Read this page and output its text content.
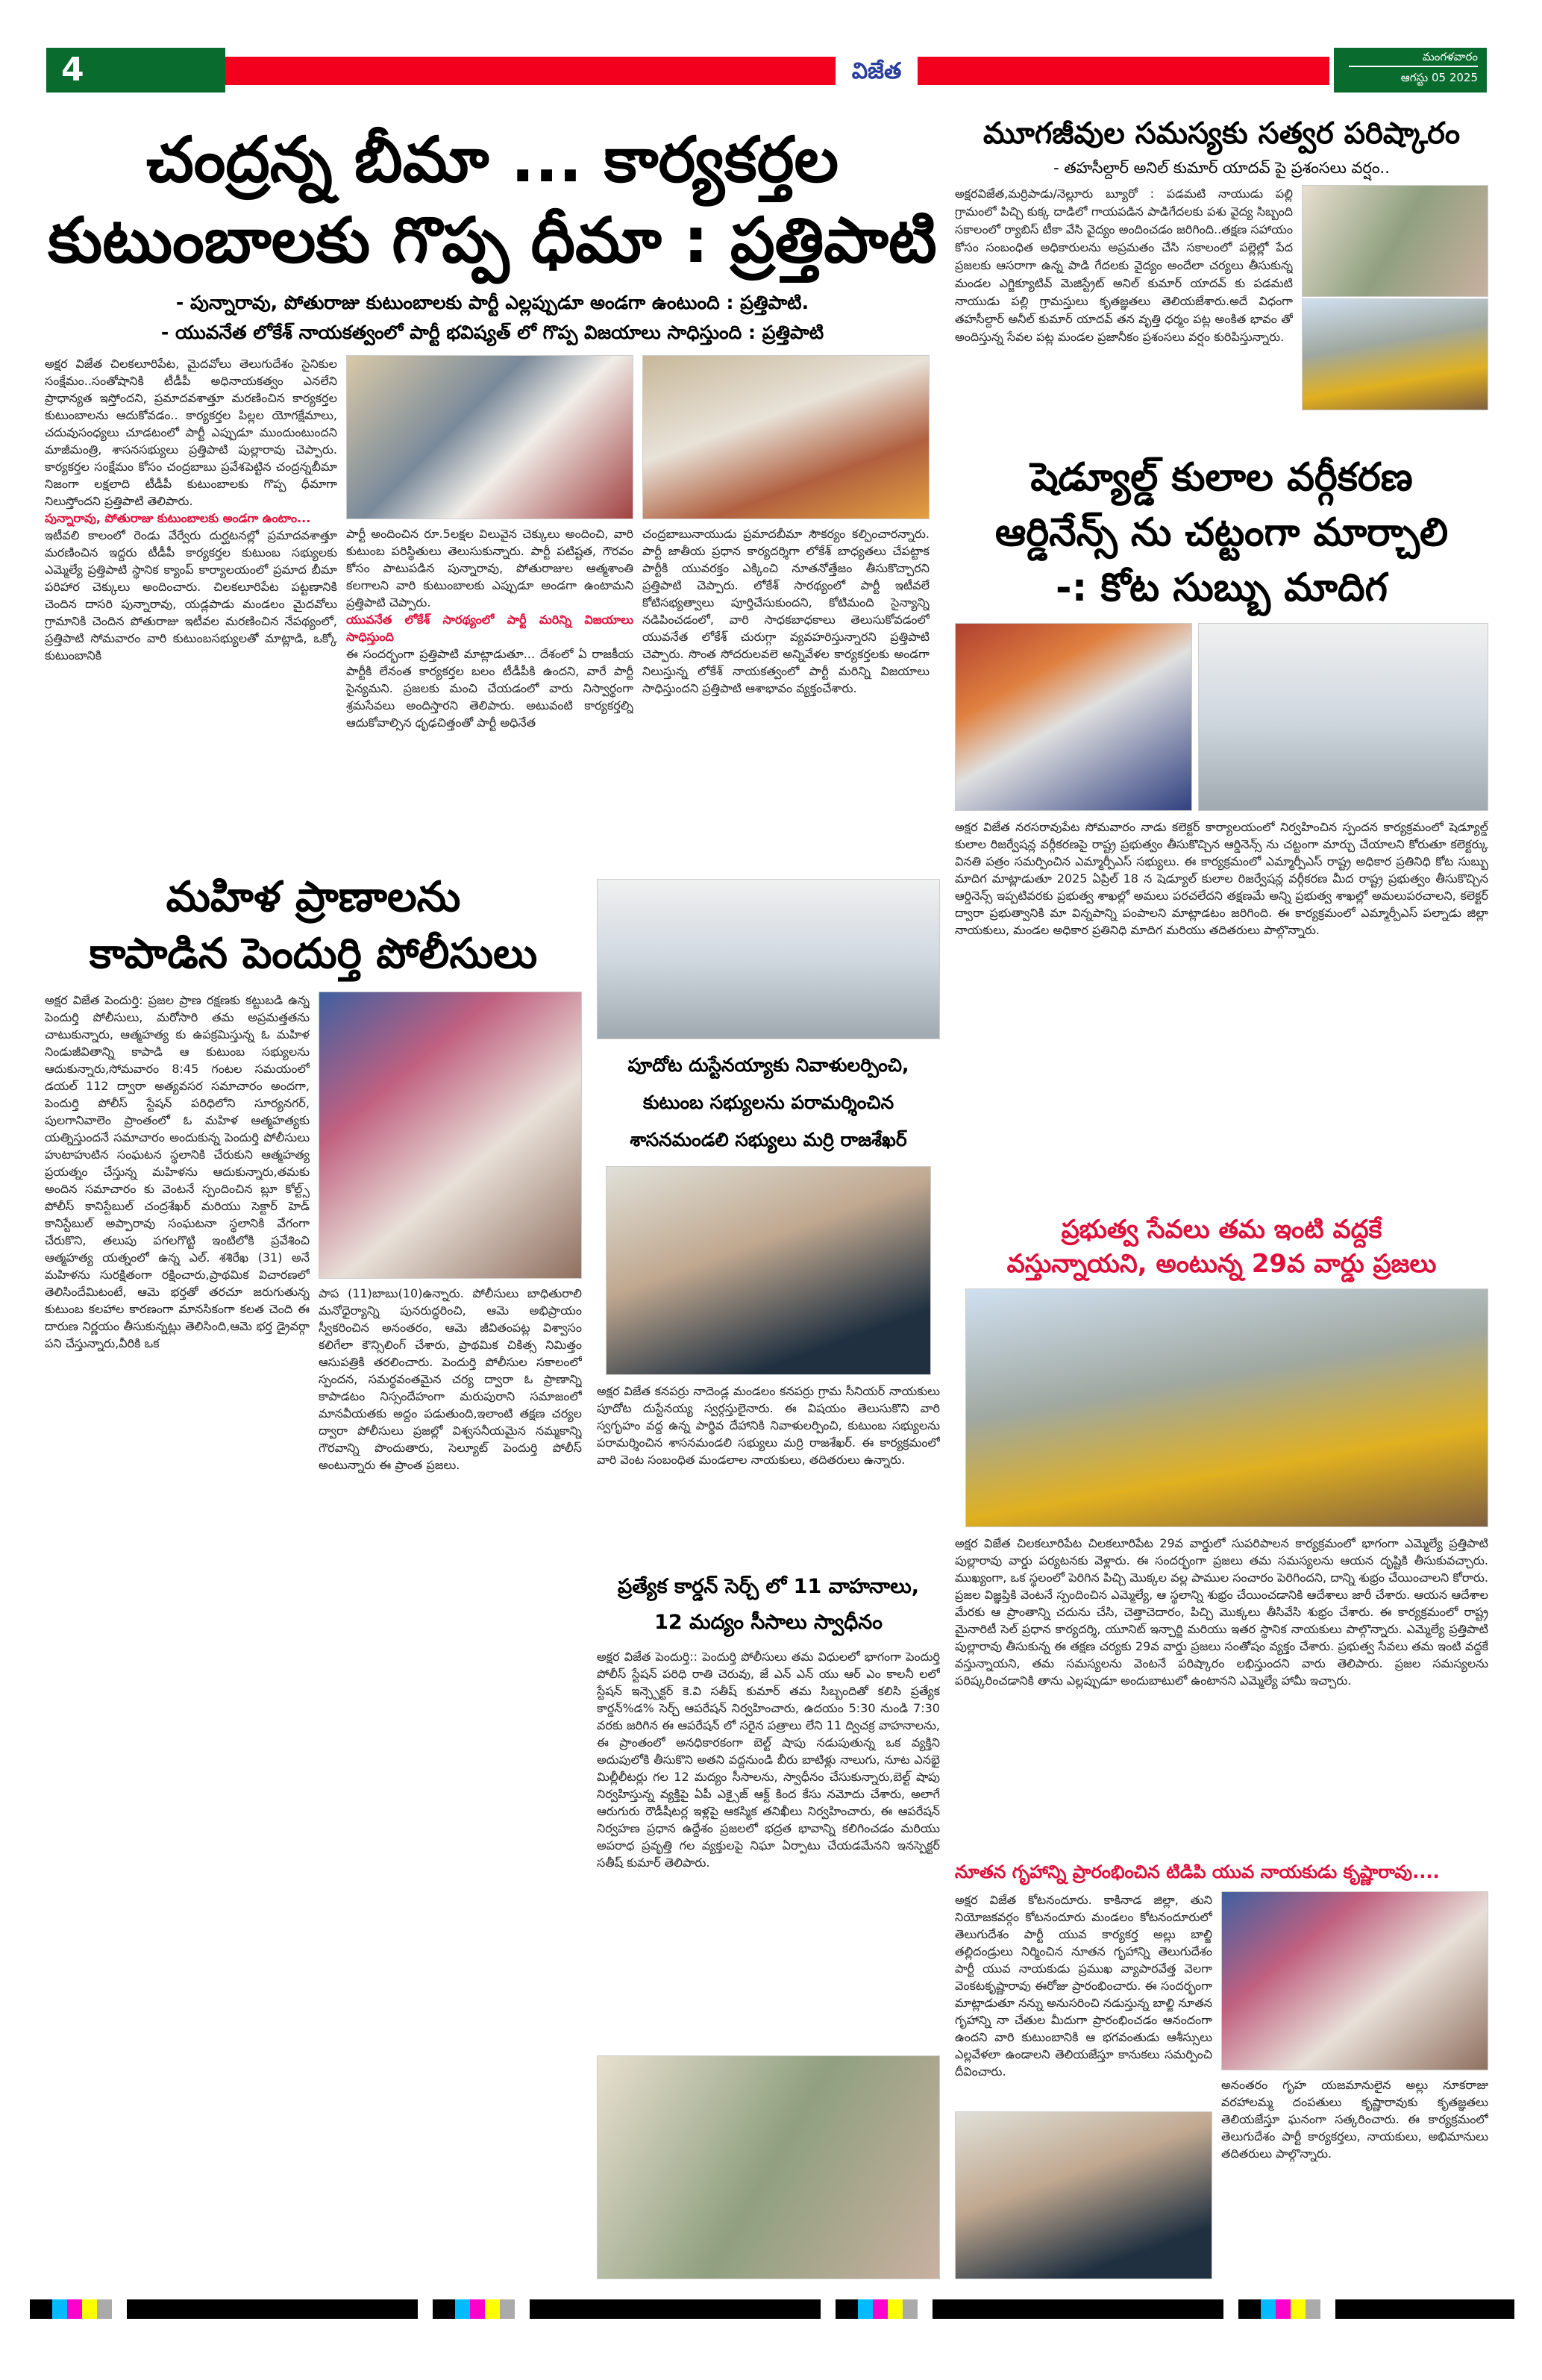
4	విజేత
మంగళవారం
ఆగస్టు 05 2025
చంద్రన్న బీమా ... కార్యకర్తల
కుటుంబాలకు గొప్ప ధీమా : ప్రత్తిపాటి
- పున్నారావు, పోతురాజు కుటుంబాలకు పార్టీ ఎల్లప్పుడూ అండగా ఉంటుంది : ప్రత్తిపాటి.
- యువనేత లోకేశ్ నాయకత్వంలో పార్టీ భవిష్యత్ లో గొప్ప విజయాలు సాధిస్తుంది : ప్రత్తిపాటి
అక్షర విజేత చిలకలూరిపేట, మైదవోలు తెలుగుదేశం సైనికుల సంక్షేమం..సంతోషానికి టీడీపీ అధినాయకత్వం ఎనలేని ప్రాధాన్యత ఇస్తోందని, ప్రమాదవశాత్తూ మరణించిన కార్యకర్తల కుటుంబాలను ఆదుకోవడం.. కార్యకర్తల పిల్లల యోగక్షేమాలు, చదువుసంధ్యలు చూడటంలో పార్టీ ఎప్పుడూ ముందుంటుందని మాజీమంత్రి, శాసనసభ్యులు ప్రత్తిపాటి పుల్లారావు చెప్పారు. కార్యకర్తల సంక్షేమం కోసం చంద్రబాబు ప్రవేశపెట్టిన చంద్రన్నబీమా నిజంగా లక్షలాది టీడీపీ కుటుంబాలకు గొప్ప ధీమాగా నిలుస్తోందని ప్రత్తిపాటి తెలిపారు.
పున్నారావు, పోతురాజు కుటుంబాలకు అండగా ఉంటాం...
ఇటీవలి కాలంలో రెండు వేర్వేరు దుర్ఘటనల్లో ప్రమాదవశాత్తూ మరణించిన ఇద్దరు టీడీపీ కార్యకర్తల కుటుంబ సభ్యులకు ఎమ్మెల్యే ప్రత్తిపాటి స్థానిక క్యాంప్ కార్యాలయంలో ప్రమాద బీమా పరిహార చెక్కులు అందించారు. చిలకలూరిపేట పట్టణానికి చెందిన దాసరి పున్నారావు, యడ్లపాడు మండలం మైదవోలు గ్రామానికి చెందిన పోతురాజు ఇటీవల మరణించిన నేపథ్యంలో, ప్రత్తిపాటి సోమవారం వారి కుటుంబసభ్యులతో మాట్లాడి, ఒక్కో కుటుంబానికి
పార్టీ అందించిన రూ.5లక్షల విలువైన చెక్కులు అందించి, వారి కుటుంబ పరిస్థితులు తెలుసుకున్నారు. పార్టీ పటిష్టత, గౌరవం కోసం పాటుపడిన పున్నారావు, పోతురాజుల ఆత్మశాంతి కలగాలని వారి కుటుంబాలకు ఎప్పుడూ అండగా ఉంటామని ప్రత్తిపాటి చెప్పారు.
యువనేత లోకేశ్ సారథ్యంలో పార్టీ మరిన్ని విజయాలు సాధిస్తుంది
ఈ సందర్భంగా ప్రత్తిపాటి మాట్లాడుతూ... దేశంలో ఏ రాజకీయ పార్టీకి లేనంత కార్యకర్తల బలం టీడీపీకి ఉందని, వారే పార్టీ సైన్యమని. ప్రజలకు మంచి చేయడంలో వారు నిస్వార్థంగా శ్రమసేవలు అందిస్తారని తెలిపారు. అటువంటి కార్యకర్తల్ని ఆదుకోవాల్సిన ధృఢచిత్తంతో పార్టీ అధినేత
చంద్రబాబునాయుడు ప్రమాదబీమా సౌకర్యం కల్పించారన్నారు. పార్టీ జాతీయ ప్రధాన కార్యదర్శిగా లోకేశ్ బాధ్యతలు చేపట్టాక పార్టీకి యువరక్తం ఎక్కించి నూతనోత్తేజం తీసుకొచ్చారని ప్రత్తిపాటి చెప్పారు. లోకేశ్ సారథ్యంలో పార్టీ ఇటీవలే కోటిసభ్యత్వాలు పూర్తిచేసుకుందని, కోటిమంది సైన్యాన్ని నడిపించడంలో, వారి సాధకబాధకాలు తెలుసుకోవడంలో యువనేత లోకేశ్ చురుగ్గా వ్యవహరిస్తున్నారని ప్రత్తిపాటి చెప్పారు. సొంత సోదరులవలె అన్నివేళల కార్యకర్తలకు అండగా నిలుస్తున్న లోకేశ్ నాయకత్వంలో పార్టీ మరిన్ని విజయాలు సాధిస్తుందని ప్రత్తిపాటి ఆశాభావం వ్యక్తంచేశారు.
మూగజీవుల సమస్యకు సత్వర పరిష్కారం
- తహసీల్దార్ అనిల్ కుమార్ యాదవ్ పై ప్రశంసలు వర్షం..
అక్షరవిజేత,మర్రిపాడు/నెల్లూరు బ్యూరో : పడమటి నాయుడు పల్లి గ్రామంలో పిచ్చి కుక్క దాడిలో గాయపడిన పాడిగేదలకు పశు వైద్య సిబ్బంది సకాలంలో ర్యాబిస్ టీకా వేసి వైద్యం అందించడం జరిగింది..తక్షణ సహాయం కోసం సంబంధిత అధికారులను అప్రమతం చేసి సకాలంలో పల్లెల్లో పేద ప్రజలకు ఆసరాగా ఉన్న పాడి గేదలకు వైద్యం అందేలా చర్యలు తీసుకున్న మండల ఎగ్జిక్యూటివ్ మెజిస్ట్రేట్ అనిల్ కుమార్ యాదవ్ కు పడమటి నాయుడు పల్లి గ్రామస్తులు కృతజ్ఞతలు తెలియజేశారు.అదే విధంగా తహసీల్దార్ అనీల్ కుమార్ యాదవ్ తన వృత్తి ధర్మం పట్ల అంకిత భావం తో అందిస్తున్న సేవల పట్ల మండల ప్రజానీకం ప్రశంసలు వర్షం కురిపిస్తున్నారు.
షెడ్యూల్డ్ కులాల వర్గీకరణ
ఆర్డినేన్స్ ను చట్టంగా మార్చాలి
-: కోట సుబ్బు మాదిగ
అక్షర విజేత నరసరావుపేట సోమవారం నాడు కలెక్టర్ కార్యాలయంలో నిర్వహించిన స్పందన కార్యక్రమంలో షెడ్యూల్డ్ కులాల రిజర్వేషన్ల వర్గీకరణపై రాష్ట్ర ప్రభుత్వం తీసుకొచ్చిన ఆర్డినెన్స్ ను చట్టంగా మార్చు చేయాలని కోరుతూ కలెక్టర్కు వినతి పత్రం సమర్పించిన ఎమ్మార్పీఎస్ సభ్యులు. ఈ కార్యక్రమంలో ఎమ్మార్పీఎస్ రాష్ట్ర అధికార ప్రతినిధి కోట సుబ్బు మాదిగ మాట్లాడుతూ 2025 ఏప్రిల్ 18 న షెడ్యూల్ కులాల రిజర్వేషన్ల వర్గీకరణ మీద రాష్ట్ర ప్రభుత్వం తీసుకొచ్చిన ఆర్డినెన్స్ ఇప్పటివరకు ప్రభుత్వ శాఖల్లో అమలు పరచలేదని తక్షణమే అన్ని ప్రభుత్వ శాఖల్లో అమలుపరచాలని, కలెక్టర్ ద్వారా ప్రభుత్వానికి మా విన్నపాన్ని పంపాలని మాట్లాడటం జరిగింది. ఈ కార్యక్రమంలో ఎమ్మార్పీఎస్ పల్నాడు జిల్లా నాయకులు, మండల అధికార ప్రతినిధి మాదిగ మరియు తదితరులు పాల్గొన్నారు.
ప్రభుత్వ సేవలు తమ ఇంటి వద్దకే
వస్తున్నాయని, అంటున్న 29వ వార్డు ప్రజలు
అక్షర విజేత చిలకలూరిపేట చిలకలూరిపేట 29వ వార్డులో సుపరిపాలన కార్యక్రమంలో భాగంగా ఎమ్మెల్యే ప్రత్తిపాటి పుల్లారావు వార్డు పర్యటనకు వెళ్లారు. ఈ సందర్భంగా ప్రజలు తమ సమస్యలను ఆయన దృష్టికి తీసుకువచ్చారు. ముఖ్యంగా, ఒక స్థలంలో పెరిగిన పిచ్చి మొక్కల వల్ల పాముల సంచారం పెరిగిందని, దాన్ని శుభ్రం చేయించాలని కోరారు. ప్రజల విజ్ఞప్తికి వెంటనే స్పందించిన ఎమ్మెల్యే, ఆ స్థలాన్ని శుభ్రం చేయించడానికి ఆదేశాలు జారీ చేశారు. ఆయన ఆదేశాల మేరకు ఆ ప్రాంతాన్ని చదును చేసి, చెత్తాచెదారం, పిచ్చి మొక్కలు తీసివేసి శుభ్రం చేశారు. ఈ కార్యక్రమంలో రాష్ట్ర మైనారిటీ సెల్ ప్రధాన కార్యదర్శి, యూనిట్ ఇన్చార్జి మరియు ఇతర స్థానిక నాయకులు పాల్గొన్నారు. ఎమ్మెల్యే ప్రత్తిపాటి పుల్లారావు తీసుకున్న ఈ తక్షణ చర్యకు 29వ వార్డు ప్రజలు సంతోషం వ్యక్తం చేశారు. ప్రభుత్వ సేవలు తమ ఇంటి వద్దకే వస్తున్నాయని, తమ సమస్యలను వెంటనే పరిష్కారం లభిస్తుందని వారు తెలిపారు. ప్రజల సమస్యలను పరిష్కరించడానికి తాను ఎల్లప్పుడూ అందుబాటులో ఉంటానని ఎమ్మెల్యే హామీ ఇచ్చారు.
నూతన గృహాన్ని ప్రారంభించిన టిడిపి యువ నాయకుడు కృష్ణారావు....
అక్షర విజేత కోటనందూరు. కాకినాడ జిల్లా, తుని నియోజకవర్గం కోటనందూరు మండలం కోటనందూరులో తెలుగుదేశం పార్టీ యువ కార్యకర్త అల్లు బాల్జి తల్లిదండ్రులు నిర్మించిన నూతన గృహాన్ని తెలుగుదేశం పార్టీ యువ నాయకుడు ప్రముఖ వ్యాపారవేత్త వెలగా వెంకటకృష్ణారావు ఈరోజు ప్రారంభించారు. ఈ సందర్భంగా మాట్లాడుతూ నన్ను అనుసరించి నడుస్తున్న బాల్జి నూతన గృహాన్ని నా చేతుల మీదుగా ప్రారంభించడం ఆనందంగా ఉందని వారి కుటుంబానికి ఆ భగవంతుడు ఆశీస్సులు ఎల్లవేళలా ఉండాలని తెలియజేస్తూ కానుకలు సమర్పించి దీవించారు.
అనంతరం గృహ యజమానులైన అల్లు నూకరాజు వరహాలమ్మ దంపతులు కృష్ణారావుకు కృతజ్ఞతలు తెలియజేస్తూ ఘనంగా సత్కరించారు. ఈ కార్యక్రమంలో తెలుగుదేశం పార్టీ కార్యకర్తలు, నాయకులు, అభిమానులు తదితరులు పాల్గొన్నారు.
మహిళ ప్రాణాలను
కాపాడిన పెందుర్తి పోలీసులు
అక్షర విజేత పెందుర్తి: ప్రజల ప్రాణ రక్షణకు కట్టుబడి ఉన్న పెందుర్తి పోలీసులు, మరోసారి తమ అప్రమత్తతను చాటుకున్నారు, ఆత్మహత్య కు ఉపక్రమిస్తున్న ఓ మహిళ నిండుజీవితాన్ని కాపాడి ఆ కుటుంబ సభ్యులను ఆదుకున్నారు,సోమవారం 8:45 గంటల సమయంలో డయల్ 112 ద్వారా అత్యవసర సమాచారం అందగా, పెందుర్తి పోలీస్ స్టేషన్ పరిధిలోని సూర్యనగర్, పులగానివాలెం ప్రాంతంలో ఓ మహిళ ఆత్మహత్యకు యత్నిస్తుందనే సమాచారం అందుకున్న పెందుర్తి పోలీసులు హుటాహుటిన సంఘటన స్థలానికి చేరుకుని ఆత్మహత్య ప్రయత్నం చేస్తున్న మహిళను ఆదుకున్నారు,తమకు అందిన సమాచారం కు వెంటనే స్పందించిన బ్లూ కోల్ట్స్ పోలీస్ కానిస్టేబుల్ చంద్రశేఖర్ మరియు సెక్టార్ హెడ్ కానిస్టేబుల్ అప్పారావు సంఘటనా స్థలానికి వేగంగా చేరుకొని, తలుపు పగలగొట్టి ఇంటిలోకి ప్రవేశించి ఆత్మహత్య యత్నంలో ఉన్న ఎల్. శశిరేఖ (31) అనే మహిళను సురక్షితంగా రక్షించారు,ప్రాథమిక విచారణలో తెలిసిందేమిటంటే, ఆమె భర్తతో తరచూ జరుగుతున్న కుటుంబ కలహాల కారణంగా మానసికంగా కలత చెంది ఈ దారుణ నిర్ణయం తీసుకున్నట్లు తెలిసింది,ఆమె భర్త డ్రైవర్గా పని చేస్తున్నారు,వీరికి ఒక
పాప (11)బాబు(10)ఉన్నారు. పోలీసులు బాధితురాలి మనోధైర్యాన్ని పునరుద్ధరించి, ఆమె అభిప్రాయం స్వీకరించిన అనంతరం, ఆమె జీవితంపట్ల విశ్వాసం కలిగేలా కౌన్సిలింగ్ చేశారు, ప్రాథమిక చికిత్స నిమిత్తం ఆసుపత్రికి తరలించారు. పెందుర్తి పోలీసుల సకాలంలో స్పందన, సమర్థవంతమైన చర్య ద్వారా ఓ ప్రాణాన్ని కాపాడటం నిస్సందేహంగా మరుపురాని సమాజంలో మానవీయతకు అద్దం పడుతుంది,ఇలాంటి తక్షణ చర్యల ద్వారా పోలీసులు ప్రజల్లో విశ్వసనీయమైన నమ్మకాన్ని గౌరవాన్ని పొందుతారు, సెల్యూట్ పెందుర్తి పోలీస్ అంటున్నారు ఈ ప్రాంత ప్రజలు.
పూదోట దుస్టేనయ్యాకు నివాళులర్పించి,
కుటుంబ సభ్యులను పరామర్శించిన
శాసనమండలి సభ్యులు మర్రి రాజశేఖర్
అక్షర విజేత కనపర్రు నాదెండ్ల మండలం కనపర్రు గ్రామ సీనియర్ నాయకులు పూదోట దుస్టేనయ్య స్వర్గస్తులైనారు. ఈ విషయం తెలుసుకొని వారి స్వగృహం వద్ద ఉన్న పార్థివ దేహానికి నివాళులర్పించి, కుటుంబ సభ్యులను పరామర్శించిన శాసనమండలి సభ్యులు మర్రి రాజశేఖర్. ఈ కార్యక్రమంలో వారి వెంట సంబంధిత మండలాల నాయకులు, తదితరులు ఉన్నారు.
ప్రత్యేక కార్డన్ సెర్చ్ లో 11 వాహనాలు,
12 మద్యం సీసాలు స్వాధీనం
అక్షర విజేత పెందుర్తి:: పెందుర్తి పోలీసులు తమ విధులలో భాగంగా పెందుర్తి పోలీస్ స్టేషన్ పరిధి రాతి చెరువు, జే ఎన్ ఎన్ యు ఆర్ ఎం కాలనీ లలో స్టేషన్ ఇన్స్పెక్టర్ కె.వి సతీష్ కుమార్ తమ సిబ్బందితో కలిసి ప్రత్యేక కార్డన్%డ% సెర్చ్ ఆపరేషన్ నిర్వహించారు, ఉదయం 5:30 నుండి 7:30 వరకు జరిగిన ఈ ఆపరేషన్ లో సరైన పత్రాలు లేని 11 ద్విచక్ర వాహనాలను, ఈ ప్రాంతంలో అనధికారకంగా బెల్ట్ షాపు నడుపుతున్న ఒక వ్యక్తిని అదుపులోకి తీసుకొని అతని వద్దనుండి బీరు బాటిళ్లు నాలుగు, నూట ఎనభై మిల్లీలీటర్లు గల 12 మద్యం సీసాలను, స్వాధీనం చేసుకున్నారు,బెల్ట్ షాపు నిర్వహిస్తున్న వ్యక్తిపై ఏపీ ఎక్సైజ్ ఆక్ట్ కింద కేసు నమోదు చేశారు, అలాగే ఆరుగురు రౌడీషీటర్ల ఇళ్లపై ఆకస్మిక తనిఖీలు నిర్వహించారు, ఈ ఆపరేషన్ నిర్వహణ ప్రధాన ఉద్దేశం ప్రజలలో భద్రత భావాన్ని కలిగించడం మరియు అపరాధ ప్రవృత్తి గల వ్యక్తులపై నిఘా ఏర్పాటు చేయడమేనని ఇనస్పెక్టర్ సతీష్ కుమార్ తెలిపారు.
